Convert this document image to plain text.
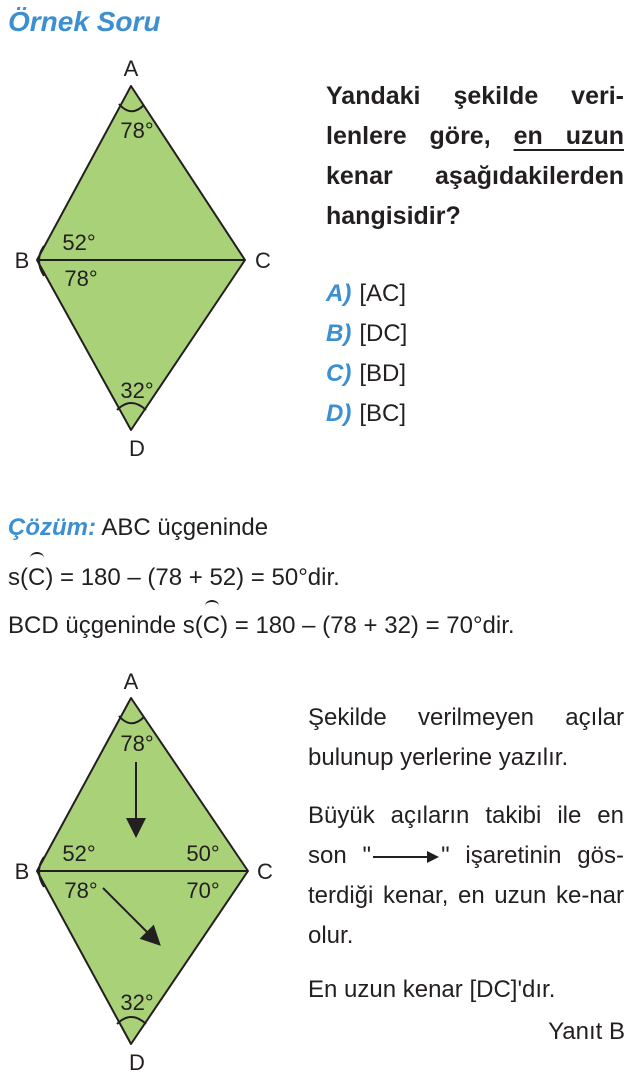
Örnek Soru
A
B	C
D
78°
52°
78°
32°
Yandaki şekilde veri-lenlere göre, en uzun kenar aşağıdakilerden hangisidir?
A) [AC]
B) [DC]
C) [BD]
D) [BC]
Çözüm: ABC üçgeninde
s(C) = 180 – (78 + 52) = 50°dir.
BCD üçgeninde s(C) = 180 – (78 + 32) = 70°dir.
A
B	C
D
78°
52°
78°
50°
70°
32°
Şekilde verilmeyen açılar bulunup yerlerine yazılır.
Büyük açıların takibi ile en son "	" işaretinin gös-terdiği kenar, en uzun ke-nar olur.
En uzun kenar [DC]'dır.
Yanıt B
